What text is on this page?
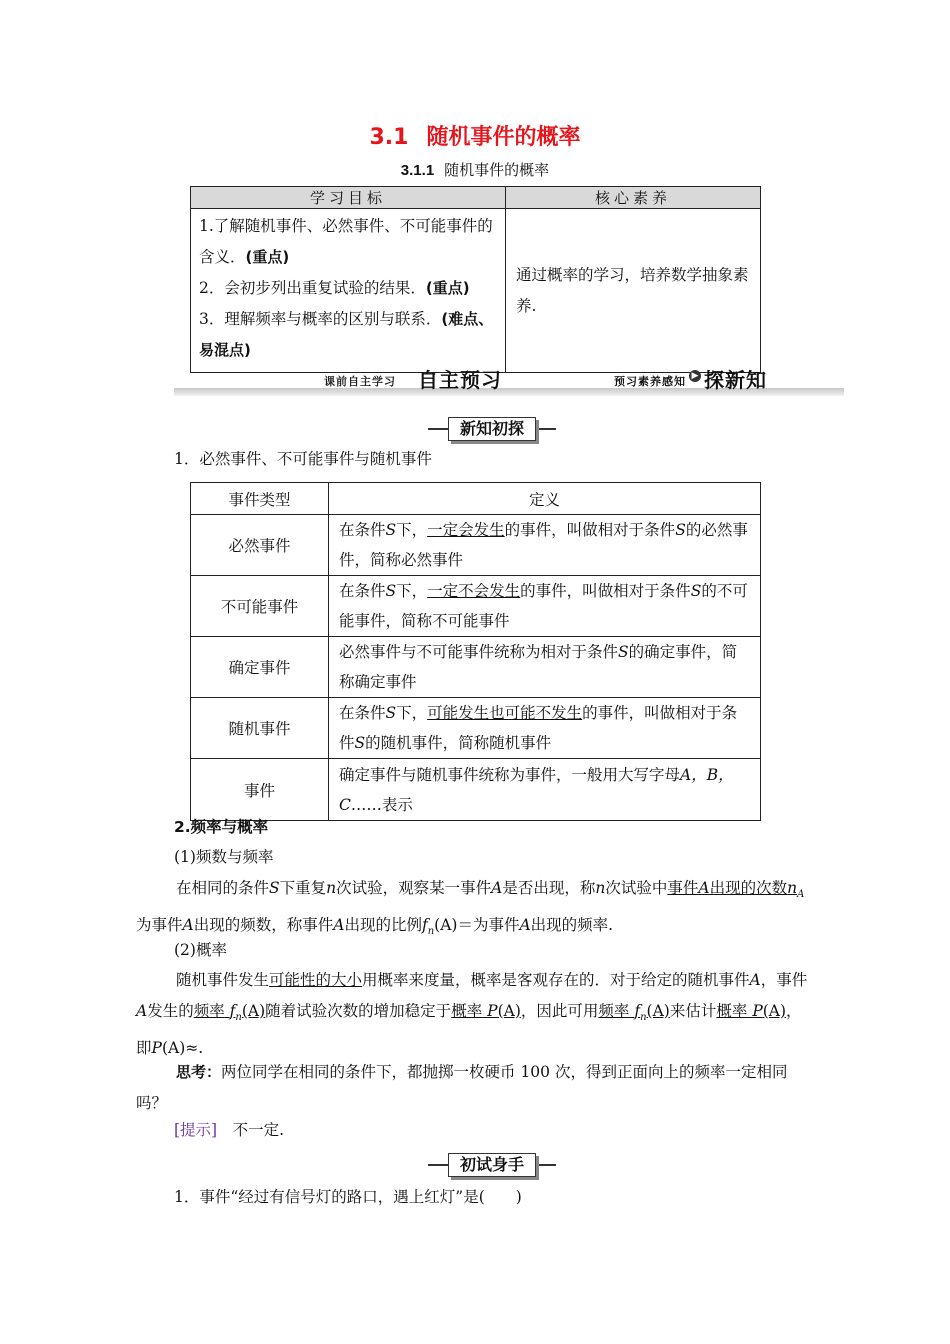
3.1 随机事件的概率
3.1.1 随机事件的概率
学习目标	核心素养

1.了解随机事件、必然事件、不可能事件的含义．(重点)
2．会初步列出重复试验的结果．(重点)
3．理解频率与概率的区别与联系．(难点、易混点)	通过概率的学习，培养数学抽象素养.
课前自主学习 自主预习	▶ 探新知
预习素养感知
新知初探
1．必然事件、不可能事件与随机事件
事件类型	定义
必然事件	在条件S下，一定会发生的事件，叫做相对于条件S的必然事件，简称必然事件
不可能事件	在条件S下，一定不会发生的事件，叫做相对于条件S的不可能事件，简称不可能事件
确定事件	必然事件与不可能事件统称为相对于条件S的确定事件，简称确定事件
随机事件	在条件S下，可能发生也可能不发生的事件，叫做相对于条件S的随机事件，简称随机事件
事件	确定事件与随机事件统称为事件，一般用大写字母A，B，C……表示
2.频率与概率
(1)频数与频率
在相同的条件S下重复n次试验，观察某一事件A是否出现，称n次试验中事件A出现的次数$n_A$为事件A出现的频数，称事件A出现的比例$f_n(A)=$为事件A出现的频率.
(2)概率
随机事件发生可能性的大小用概率来度量，概率是客观存在的．对于给定的随机事件A，事件A发生的频率 $f_n(A)$随着试验次数的增加稳定于概率 P(A)，因此可用频率 $f_n(A)$来估计概率 P(A)，即P(A)≈.
思考：两位同学在相同的条件下，都抛掷一枚硬币 100 次，得到正面向上的频率一定相同吗？
[提示]　 不一定.
初试身手
1．事件“经过有信号灯的路口，遇上红灯”是(　　)
